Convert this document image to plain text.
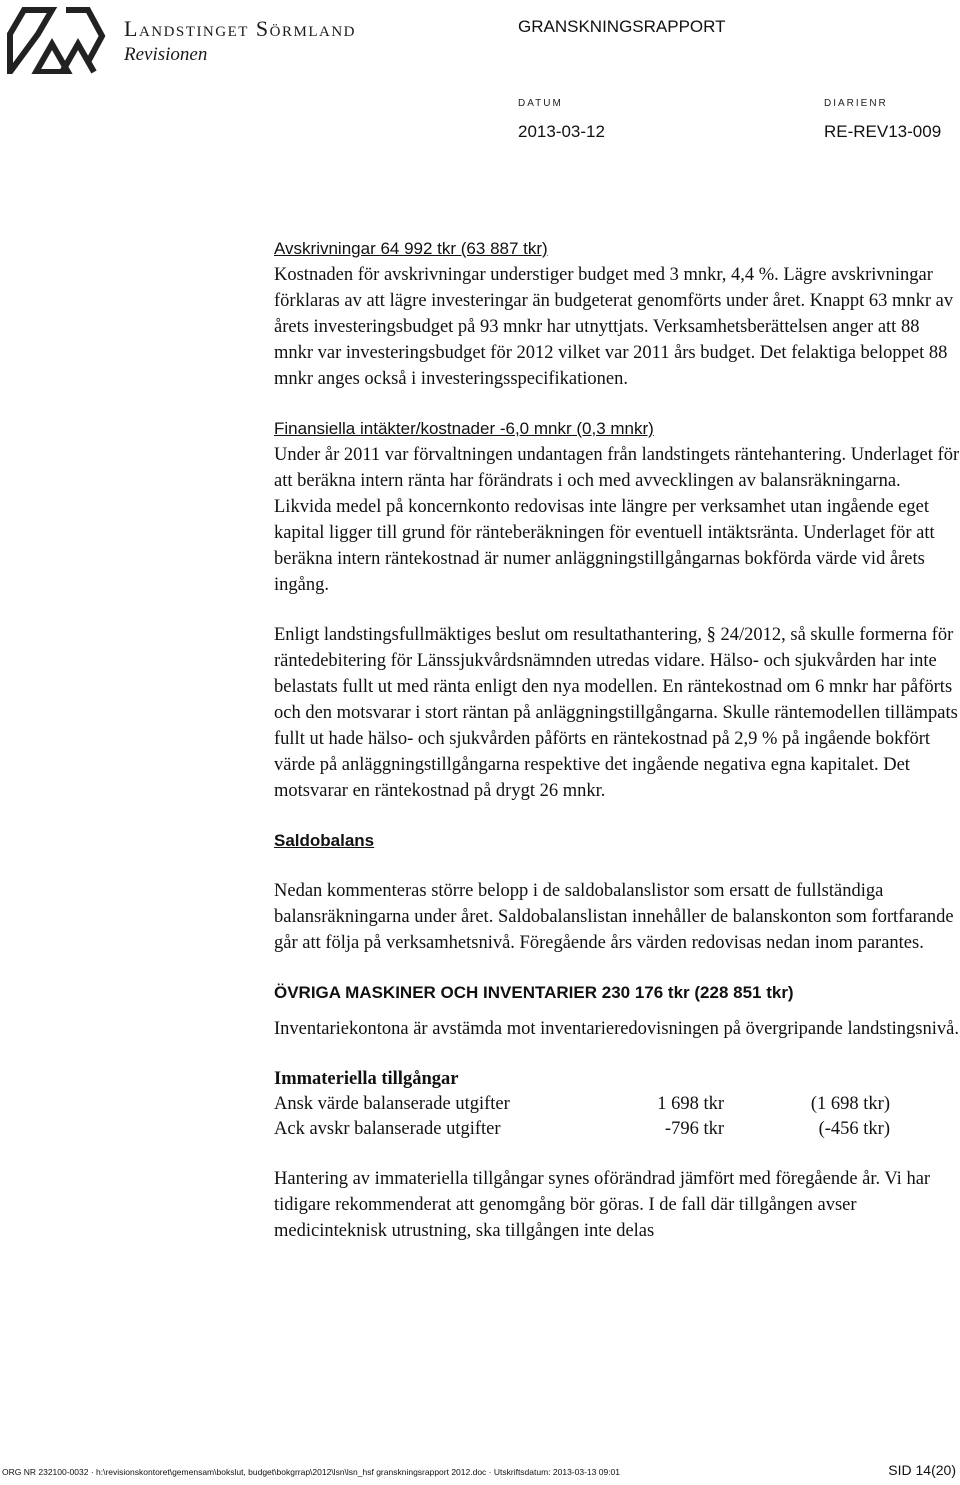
Landstinget Sörmland
Revisionen
GRANSKNINGSRAPPORT
DATUM
2013-03-12
DIARIENR
RE-REV13-009
Avskrivningar 64 992 tkr (63 887 tkr)

Kostnaden för avskrivningar understiger budget med 3 mnkr, 4,4 %. Lägre avskrivningar förklaras av att lägre investeringar än budgeterat genomförts under året. Knappt 63 mnkr av årets investeringsbudget på 93 mnkr har utnyttjats. Verksamhetsberättelsen anger att 88 mnkr var investeringsbudget för 2012 vilket var 2011 års budget. Det felaktiga beloppet 88 mnkr anges också i investeringsspecifikationen.

Finansiella intäkter/kostnader -6,0 mnkr (0,3 mnkr)

Under år 2011 var förvaltningen undantagen från landstingets räntehantering. Underlaget för att beräkna intern ränta har förändrats i och med avvecklingen av balansräkningarna. Likvida medel på koncernkonto redovisas inte längre per verksamhet utan ingående eget kapital ligger till grund för ränteberäkningen för eventuell intäktsränta. Underlaget för att beräkna intern räntekostnad är numer anläggningstillgångarnas bokförda värde vid årets ingång.

Enligt landstingsfullmäktiges beslut om resultathantering, § 24/2012, så skulle formerna för räntedebitering för Länssjukvårdsnämnden utredas vidare. Hälso- och sjukvården har inte belastats fullt ut med ränta enligt den nya modellen. En räntekostnad om 6 mnkr har påförts och den motsvarar i stort räntan på anläggningstillgångarna. Skulle räntemodellen tillämpats fullt ut hade hälso- och sjukvården påförts en räntekostnad på 2,9 % på ingående bokfört värde på anläggningstillgångarna respektive det ingående negativa egna kapitalet. Det motsvarar en räntekostnad på drygt 26 mnkr.

Saldobalans

Nedan kommenteras större belopp i de saldobalanslistor som ersatt de fullständiga balansräkningarna under året. Saldobalanslistan innehåller de balanskonton som fortfarande går att följa på verksamhetsnivå. Föregående års värden redovisas nedan inom parantes.

ÖVRIGA MASKINER OCH INVENTARIER 230 176 tkr (228 851 tkr)

Inventariekontona är avstämda mot inventarieredovisningen på övergripande landstingsnivå.

Immateriella tillgångar
Ansk värde balanserade utgifter	1 698 tkr	(1 698 tkr)
Ack avskr balanserade utgifter	-796 tkr	(-456 tkr)

Hantering av immateriella tillgångar synes oförändrad jämfört med föregående år. Vi har tidigare rekommenderat att genomgång bör göras. I de fall där tillgången avser medicinteknisk utrustning, ska tillgången inte delas

ORG NR 232100-0032 · h:\revisionskontoret\gemensam\bokslut, budget\bokgrrap\2012\lsn\lsn_hsf granskningsrapport 2012.doc · Utskriftsdatum: 2013-03-13 09:01	SID 14(20)
